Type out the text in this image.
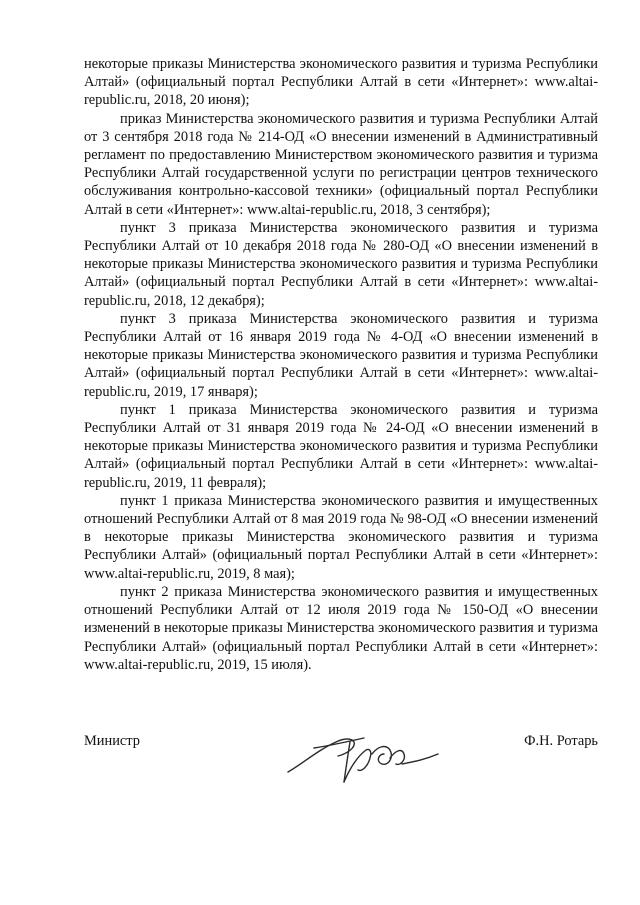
некоторые приказы Министерства экономического развития и туризма Республики Алтай» (официальный портал Республики Алтай в сети «Интернет»: www.altai-republic.ru, 2018, 20 июня);

приказ Министерства экономического развития и туризма Республики Алтай от 3 сентября 2018 года № 214-ОД «О внесении изменений в Административный регламент по предоставлению Министерством экономического развития и туризма Республики Алтай государственной услуги по регистрации центров технического обслуживания контрольно-кассовой техники» (официальный портал Республики Алтай в сети «Интернет»: www.altai-republic.ru, 2018, 3 сентября);

пункт 3 приказа Министерства экономического развития и туризма Республики Алтай от 10 декабря 2018 года № 280-ОД «О внесении изменений в некоторые приказы Министерства экономического развития и туризма Республики Алтай» (официальный портал Республики Алтай в сети «Интернет»: www.altai-republic.ru, 2018, 12 декабря);

пункт 3 приказа Министерства экономического развития и туризма Республики Алтай от 16 января 2019 года № 4-ОД «О внесении изменений в некоторые приказы Министерства экономического развития и туризма Республики Алтай» (официальный портал Республики Алтай в сети «Интернет»: www.altai-republic.ru, 2019, 17 января);

пункт 1 приказа Министерства экономического развития и туризма Республики Алтай от 31 января 2019 года № 24-ОД «О внесении изменений в некоторые приказы Министерства экономического развития и туризма Республики Алтай» (официальный портал Республики Алтай в сети «Интернет»: www.altai-republic.ru, 2019, 11 февраля);

пункт 1 приказа Министерства экономического развития и имущественных отношений Республики Алтай от 8 мая 2019 года № 98-ОД «О внесении изменений в некоторые приказы Министерства экономического развития и туризма Республики Алтай» (официальный портал Республики Алтай в сети «Интернет»: www.altai-republic.ru, 2019, 8 мая);

пункт 2 приказа Министерства экономического развития и имущественных отношений Республики Алтай от 12 июля 2019 года № 150-ОД «О внесении изменений в некоторые приказы Министерства экономического развития и туризма Республики Алтай» (официальный портал Республики Алтай в сети «Интернет»: www.altai-republic.ru, 2019, 15 июля).

Министр	Ф.Н. Ротарь
